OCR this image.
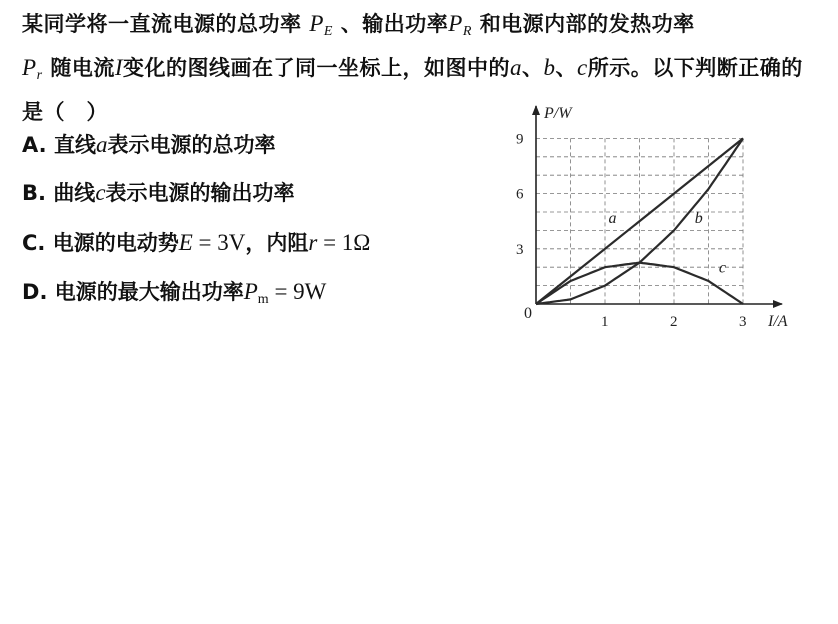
某同学将一直流电源的总功率 $P_E$ 、输出功率$P_R$ 和电源内部的发热功率
$P_r$ 随电流I变化的图线画在了同一坐标上，如图中的a、b、c所示。以下判断正确的是（　）
A. 直线a表示电源的总功率
B. 曲线c表示电源的输出功率
C. 电源的电动势E = 3V，内阻r = 1Ω
D. 电源的最大输出功率Pm = 9W
P/W
I/A
0	1	2	3
3
6
9
a	b
c
